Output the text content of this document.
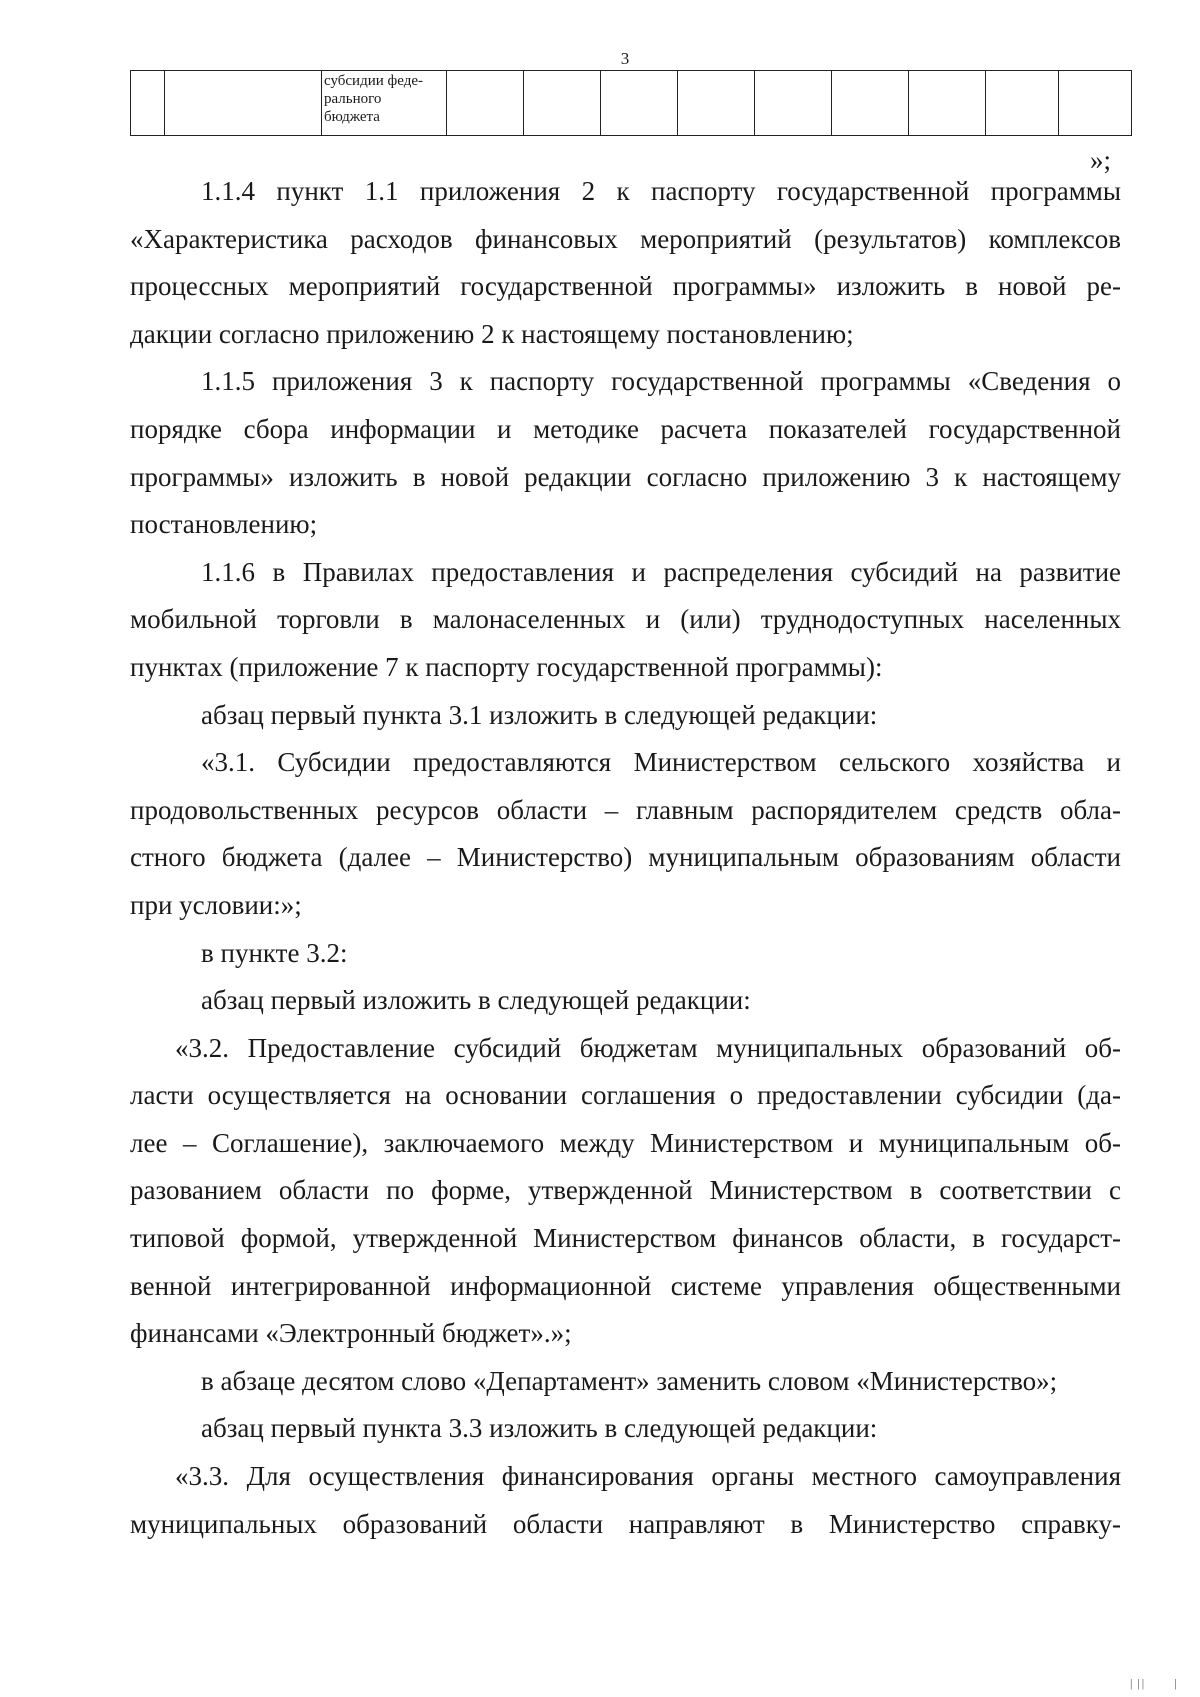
3

субсидии феде-
рального
бюджета

»;
1.1.4 пункт 1.1 приложения 2 к паспорту государственной программы
«Характеристика расходов финансовых мероприятий (результатов) комплексов
процессных мероприятий государственной программы» изложить в новой ре-
дакции согласно приложению 2 к настоящему постановлению;
1.1.5 приложения 3 к паспорту государственной программы «Сведения о
порядке сбора информации и методике расчета показателей государственной
программы» изложить в новой редакции согласно приложению 3 к настоящему
постановлению;
1.1.6 в Правилах предоставления и распределения субсидий на развитие
мобильной торговли в малонаселенных и (или) труднодоступных населенных
пунктах (приложение 7 к паспорту государственной программы):
абзац первый пункта 3.1 изложить в следующей редакции:
«3.1. Субсидии предоставляются Министерством сельского хозяйства и
продовольственных ресурсов области – главным распорядителем средств обла-
стного бюджета (далее – Министерство) муниципальным образованиям области
при условии:»;
в пункте 3.2:
абзац первый изложить в следующей редакции:
«3.2. Предоставление субсидий бюджетам муниципальных образований об-
ласти осуществляется на основании соглашения о предоставлении субсидии (да-
лее – Соглашение), заключаемого между Министерством и муниципальным об-
разованием области по форме, утвержденной Министерством в соответствии с
типовой формой, утвержденной Министерством финансов области, в государст-
венной интегрированной информационной системе управления общественными
финансами «Электронный бюджет».»;
в абзаце десятом слово «Департамент» заменить словом «Министерство»;
абзац первый пункта 3.3 изложить в следующей редакции:
«3.3. Для осуществления финансирования органы местного самоуправления
муниципальных образований области направляют в Министерство справку-
| ||  |
